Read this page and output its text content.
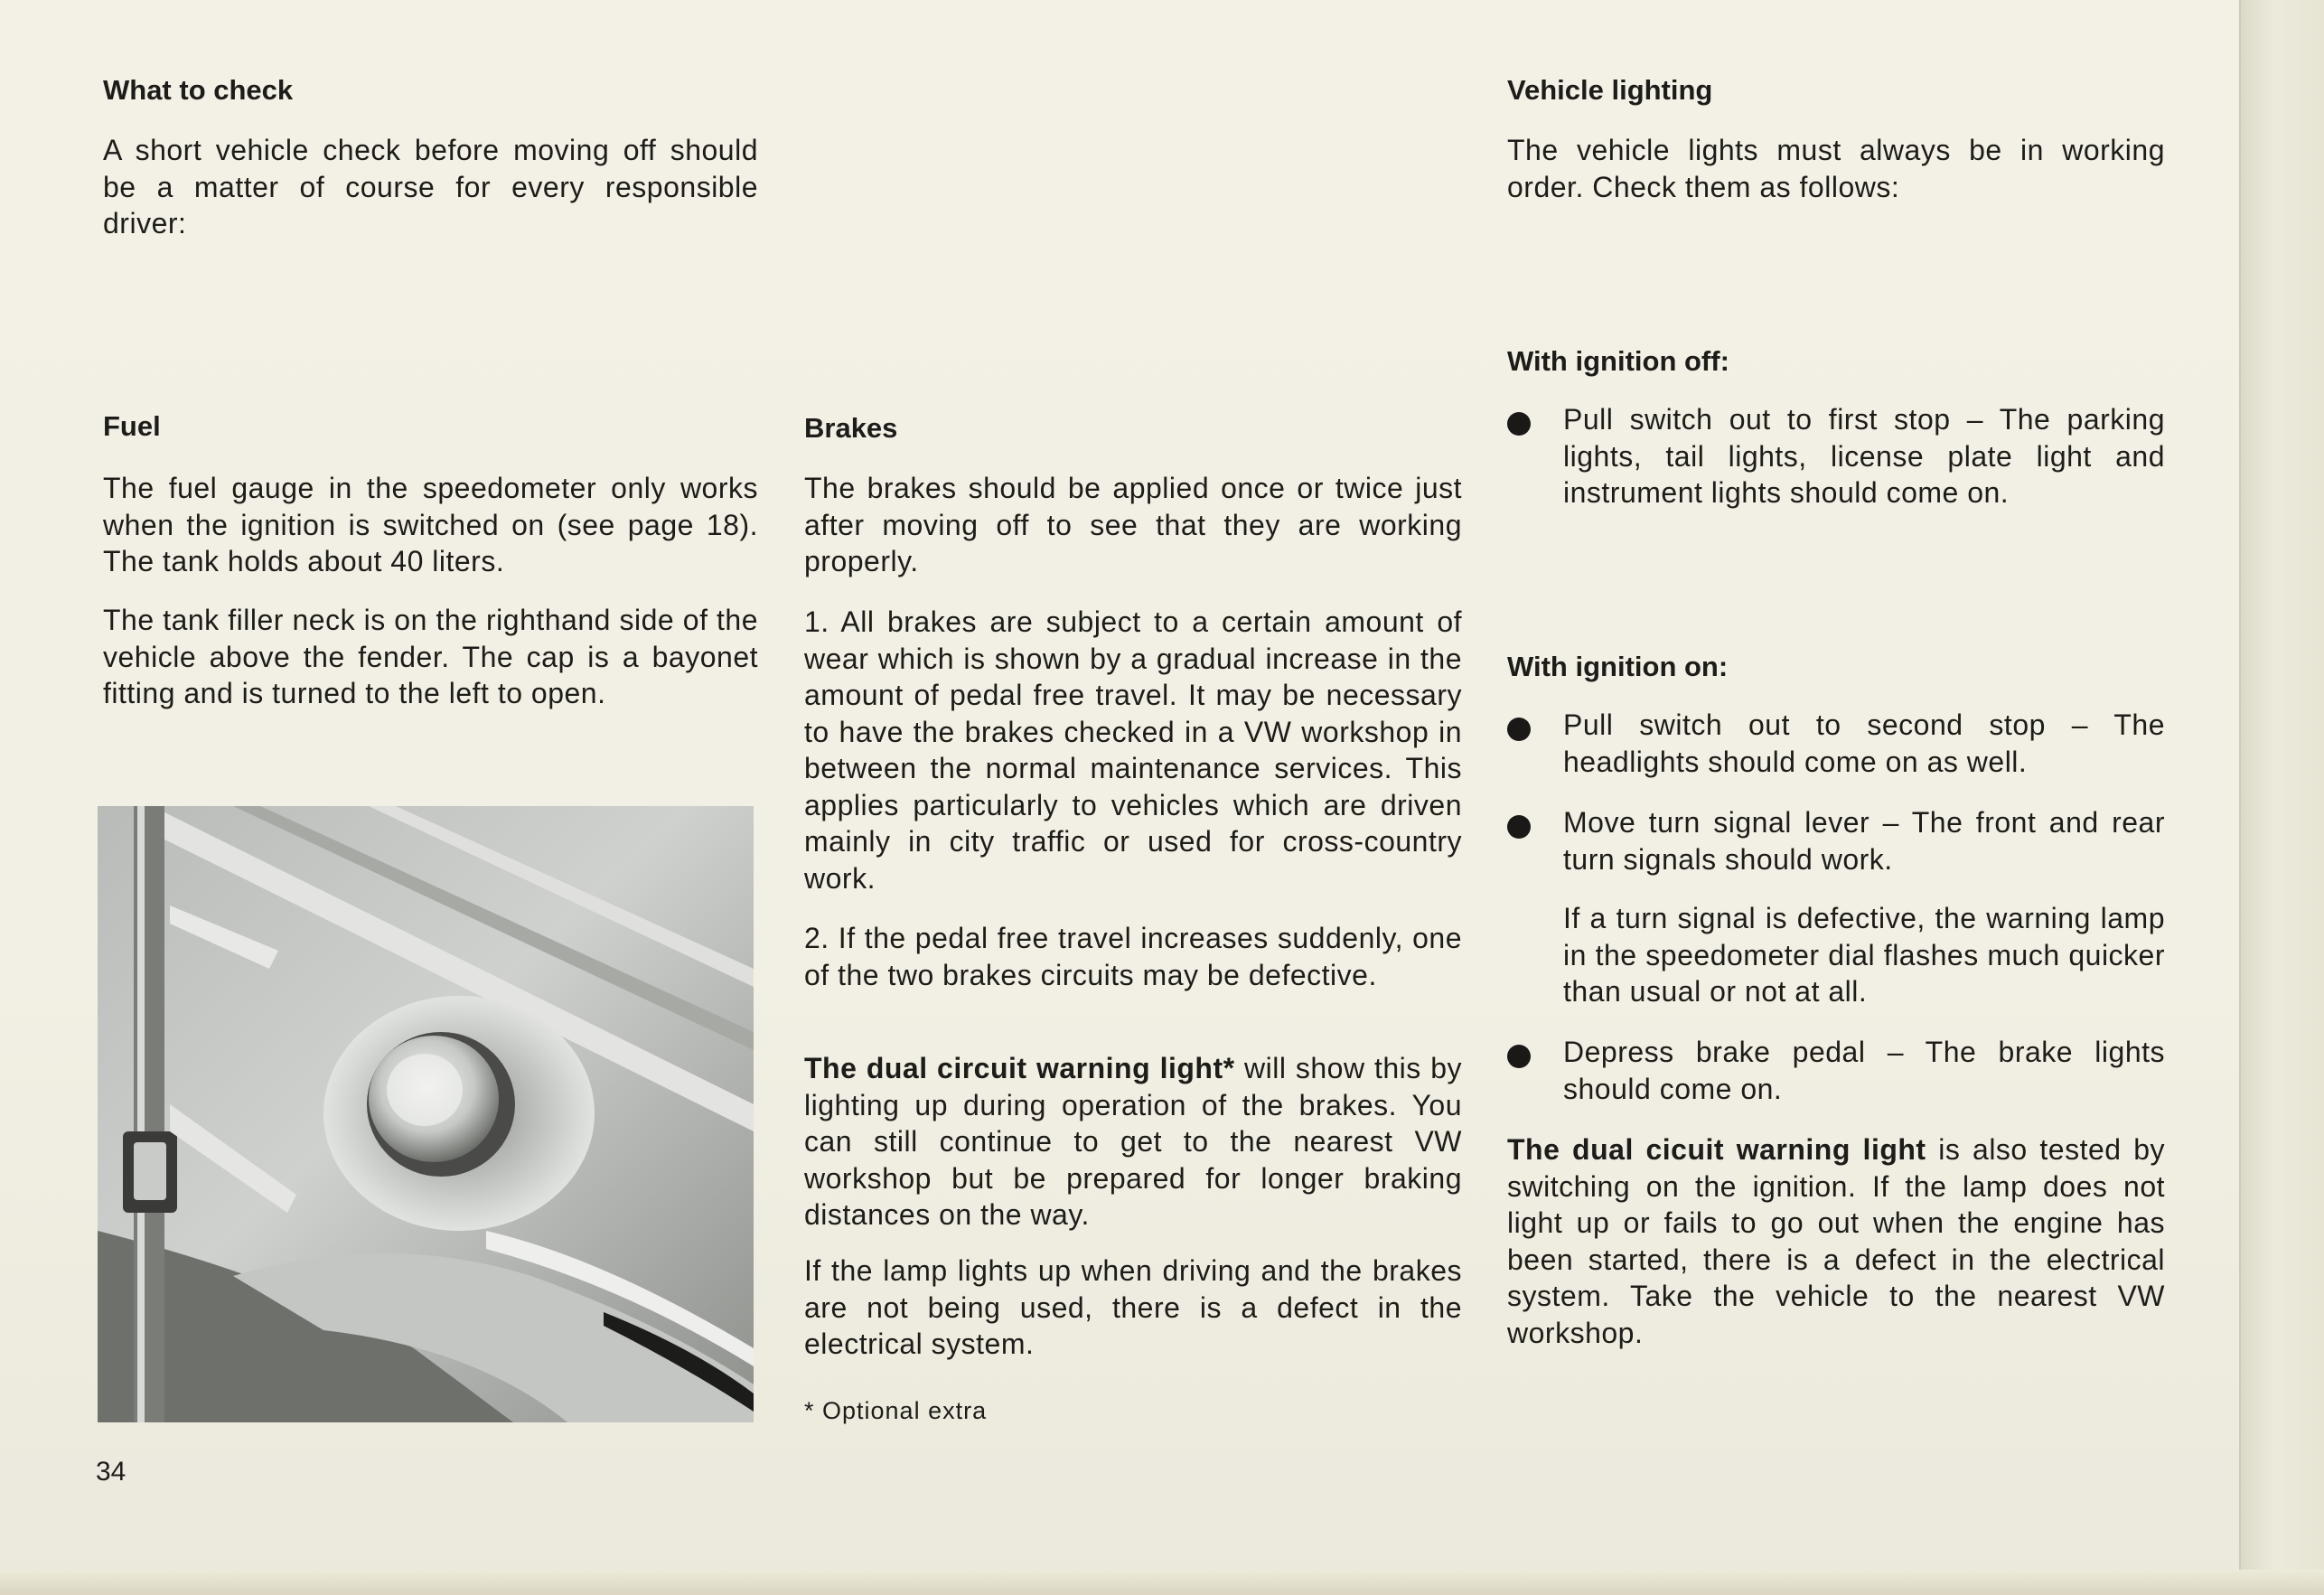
What to check

A short vehicle check before moving off should be a matter of course for every responsible driver:

Fuel

The fuel gauge in the speedometer only works when the ignition is switched on (see page 18). The tank holds about 40 liters.

The tank filler neck is on the righthand side of the vehicle above the fender. The cap is a bayonet fitting and is turned to the left to open.

Brakes

The brakes should be applied once or twice just after moving off to see that they are working properly.

1. All brakes are subject to a certain amount of wear which is shown by a gradual increase in the amount of pedal free travel. It may be necessary to have the brakes checked in a VW workshop in between the normal maintenance services. This applies particularly to vehicles which are driven mainly in city traffic or used for cross-country work.

2. If the pedal free travel increases suddenly, one of the two brakes circuits may be defective.

The dual circuit warning light* will show this by lighting up during operation of the brakes. You can still continue to get to the nearest VW workshop but be prepared for longer braking distances on the way.

If the lamp lights up when driving and the brakes are not being used, there is a defect in the electrical system.

* Optional extra
Vehicle lighting

The vehicle lights must always be in working order. Check them as follows:

With ignition off:

Pull switch out to first stop – The parking lights, tail lights, license plate light and instrument lights should come on.

With ignition on:

Pull switch out to second stop – The headlights should come on as well.

Move turn signal lever – The front and rear turn signals should work.

If a turn signal is defective, the warning lamp in the speedometer dial flashes much quicker than usual or not at all.

Depress brake pedal – The brake lights should come on.

The dual cicuit warning light is also tested by switching on the ignition. If the lamp does not light up or fails to go out when the engine has been started, there is a defect in the electrical system. Take the vehicle to the nearest VW workshop.

34
